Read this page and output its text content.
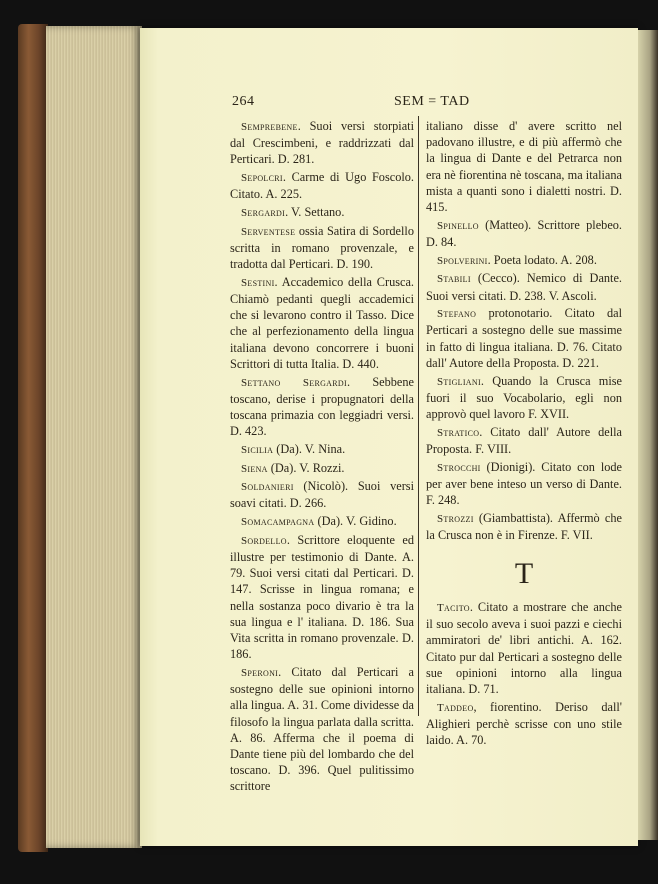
264	SEM = TAD

Semprebene. Suoi versi storpiati dal Crescimbeni, e raddrizzati dal Perticari. D. 281.

Sepolcri. Carme di Ugo Foscolo. Citato. A. 225.

Sergardi. V. Settano.

Serventese ossia Satira di Sordello scritta in romano provenzale, e tradotta dal Perticari. D. 190.

Sestini. Accademico della Crusca. Chiamò pedanti quegli accademici che si levarono contro il Tasso. Dice che al perfezionamento della lingua italiana devono concorrere i buoni Scrittori di tutta Italia. D. 440.

Settano Sergardi. Sebbene toscano, derise i propugnatori della toscana primazia con leggiadri versi. D. 423.

Sicilia (Da). V. Nina.

Siena (Da). V. Rozzi.

Soldanieri (Nicolò). Suoi versi soavi citati. D. 266.

Somacampagna (Da). V. Gidino.

Sordello. Scrittore eloquente ed illustre per testimonio di Dante. A. 79. Suoi versi citati dal Perticari. D. 147. Scrisse in lingua romana; e nella sostanza poco divario è tra la sua lingua e l' italiana. D. 186. Sua Vita scritta in romano provenzale. D. 186.

Speroni. Citato dal Perticari a sostegno delle sue opinioni intorno alla lingua. A. 31. Come dividesse da filosofo la lingua parlata dalla scritta. A. 86. Afferma che il poema di Dante tiene più del lombardo che del toscano. D. 396. Quel pulitissimo scrittore

italiano disse d' avere scritto nel padovano illustre, e di più affermò che la lingua di Dante e del Petrarca non era nè fiorentina nè toscana, ma italiana mista a quanti sono i dialetti nostri. D. 415.

Spinello (Matteo). Scrittore plebeo. D. 84.

Spolverini. Poeta lodato. A. 208.

Stabili (Cecco). Nemico di Dante. Suoi versi citati. D. 238. V. Ascoli.

Stefano protonotario. Citato dal Perticari a sostegno delle sue massime in fatto di lingua italiana. D. 76. Citato dall' Autore della Proposta. D. 221.

Stigliani. Quando la Crusca mise fuori il suo Vocabolario, egli non approvò quel lavoro F. XVII.

Stratico. Citato dall' Autore della Proposta. F. VIII.

Strocchi (Dionigi). Citato con lode per aver bene inteso un verso di Dante. F. 248.

Strozzi (Giambattista). Affermò che la Crusca non è in Firenze. F. VII.

T

Tacito. Citato a mostrare che anche il suo secolo aveva i suoi pazzi e ciechi ammiratori de' libri antichi. A. 162. Citato pur dal Perticari a sostegno delle sue opinioni intorno alla lingua italiana. D. 71.

Taddeo, fiorentino. Deriso dall' Alighieri perchè scrisse con uno stile laido. A. 70.
